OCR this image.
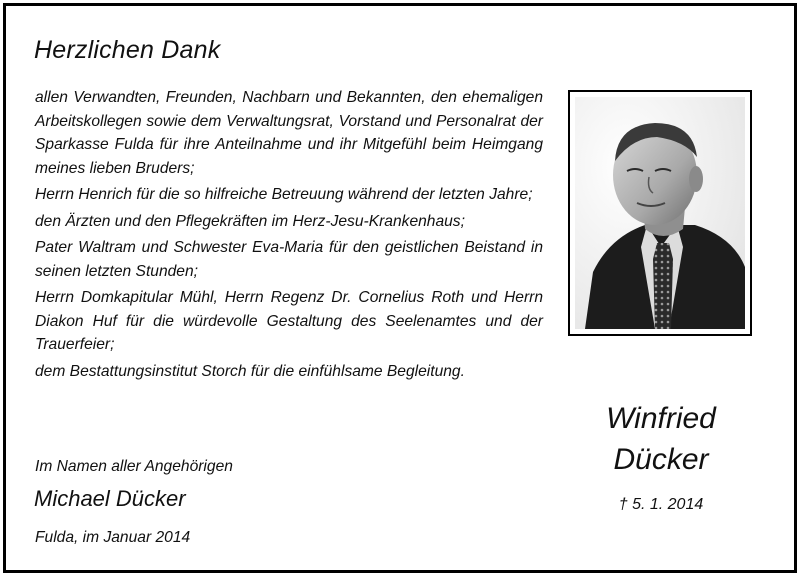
Herzlichen Dank

allen Verwandten, Freunden, Nachbarn und Bekannten, den ehemaligen Arbeitskollegen sowie dem Verwaltungsrat, Vorstand und Personalrat der Sparkasse Fulda für ihre Anteilnahme und ihr Mitgefühl beim Heimgang meines lieben Bruders;

Herrn Henrich für die so hilfreiche Betreuung während der letzten Jahre;

den Ärzten und den Pflegekräften im Herz-Jesu-Krankenhaus;

Pater Waltram und Schwester Eva-Maria für den geistlichen Beistand in seinen letzten Stunden;

Herrn Domkapitular Mühl, Herrn Regenz Dr. Cornelius Roth und Herrn Diakon Huf für die würdevolle Gestaltung des Seelenamtes und der Trauerfeier;

dem Bestattungsinstitut Storch für die einfühlsame Begleitung.

Im Namen aller Angehörigen
Michael Dücker
Fulda, im Januar 2014
Winfried
Dücker
† 5. 1. 2014
